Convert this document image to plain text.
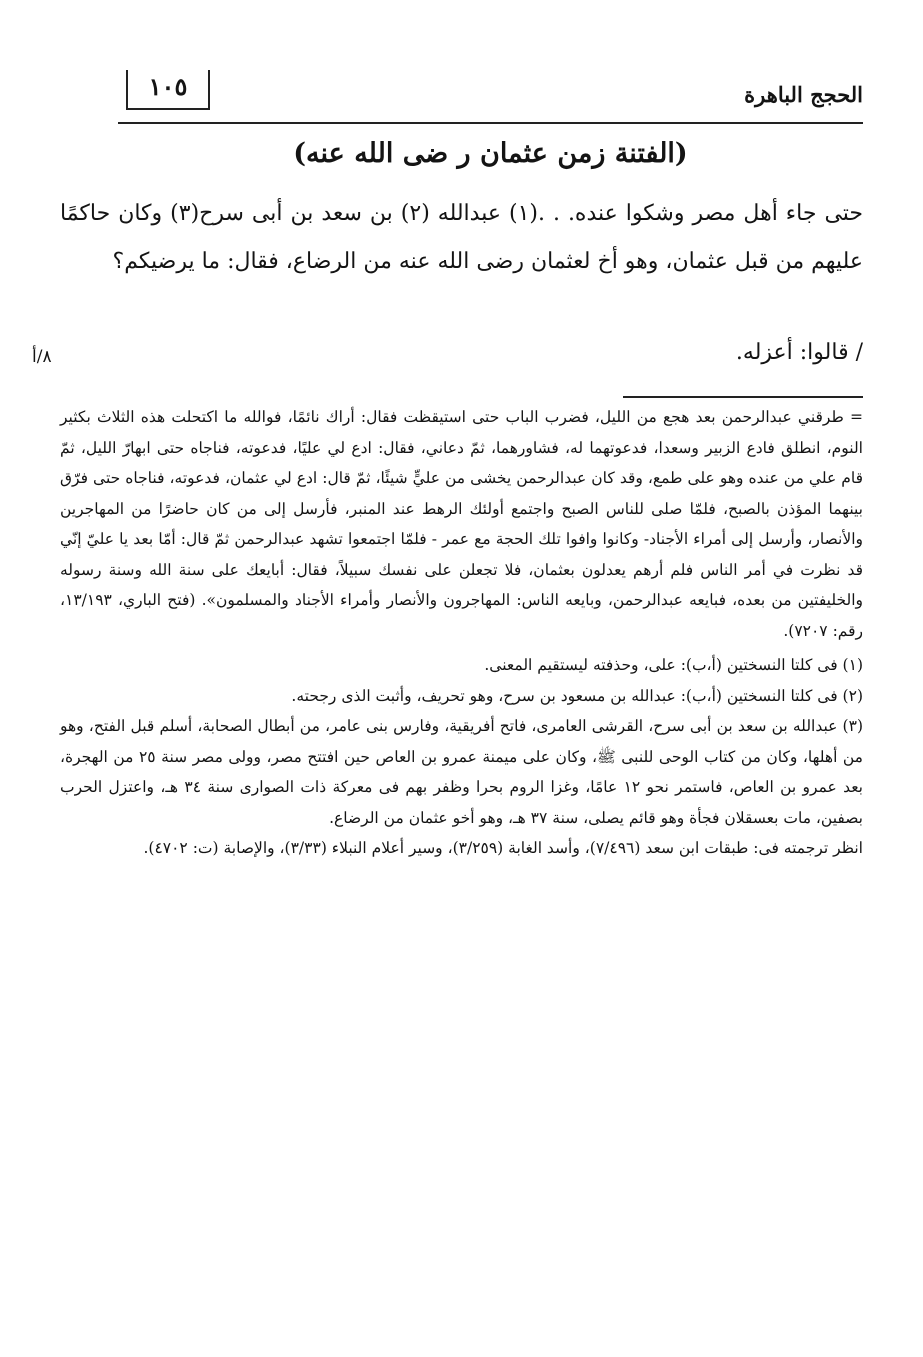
الحجج الباهرة
١٠٥
(الفتنة زمن عثمان ر ضى الله عنه)

حتى جاء أهل مصر وشكوا عنده. . .(١) عبدالله (٢) بن سعد بن أبى سرح(٣) وكان حاكمًا عليهم من قبل عثمان، وهو أخ لعثمان رضى الله عنه من الرضاع، فقال: ما يرضيكم؟

/ قالوا: أعزله.
٨/أ

= طرقني عبدالرحمن بعد هجع من الليل، فضرب الباب حتى استيقظت فقال: أراك نائمًا، فوالله ما اكتحلت هذه الثلاث بكثير النوم، انطلق فادع الزبير وسعدا، فدعوتهما له، فشاورهما، ثمّ دعاني، فقال: ادع لي عليًا، فدعوته، فناجاه حتى ابهارّ الليل، ثمّ قام علي من عنده وهو على طمع، وقد كان عبدالرحمن يخشى من عليٍّ شيئًا، ثمّ قال: ادع لي عثمان، فدعوته، فناجاه حتى فرّق بينهما المؤذن بالصبح، فلمّا صلى للناس الصبح واجتمع أولئك الرهط عند المنبر، فأرسل إلى من كان حاضرًا من المهاجرين والأنصار، وأرسل إلى أمراء الأجناد- وكانوا وافوا تلك الحجة مع عمر - فلمّا اجتمعوا تشهد عبدالرحمن ثمّ قال: أمّا بعد يا عليّ إنّي قد نظرت في أمر الناس فلم أرهم يعدلون بعثمان، فلا تجعلن على نفسك سبيلاً، فقال: أبايعك على سنة الله وسنة رسوله والخليفتين من بعده، فبايعه عبدالرحمن، وبايعه الناس: المهاجرون والأنصار وأمراء الأجناد والمسلمون». (فتح الباري، ١٣/١٩٣، رقم: ٧٢٠٧).

(١) فى كلتا النسختين (أ،ب): على، وحذفته ليستقيم المعنى.

(٢) فى كلتا النسختين (أ،ب): عبدالله بن مسعود بن سرح، وهو تحريف، وأثبت الذى رجحته.

(٣) عبدالله بن سعد بن أبى سرح، القرشى العامرى، فاتح أفريقية، وفارس بنى عامر، من أبطال الصحابة، أسلم قبل الفتح، وهو من أهلها، وكان من كتاب الوحى للنبى ﷺ، وكان على ميمنة عمرو بن العاص حين افتتح مصر، وولى مصر سنة ٢٥ من الهجرة، بعد عمرو بن العاص، فاستمر نحو ١٢ عامًا، وغزا الروم بحرا وظفر بهم فى معركة ذات الصوارى سنة ٣٤ هـ، واعتزل الحرب بصفين، مات بعسقلان فجأة وهو قائم يصلى، سنة ٣٧ هـ، وهو أخو عثمان من الرضاع.

انظر ترجمته فى: طبقات ابن سعد (٧/٤٩٦)، وأسد الغابة (٣/٢٥٩)، وسير أعلام النبلاء (٣/٣٣)، والإصابة (ت: ٤٧٠٢).
